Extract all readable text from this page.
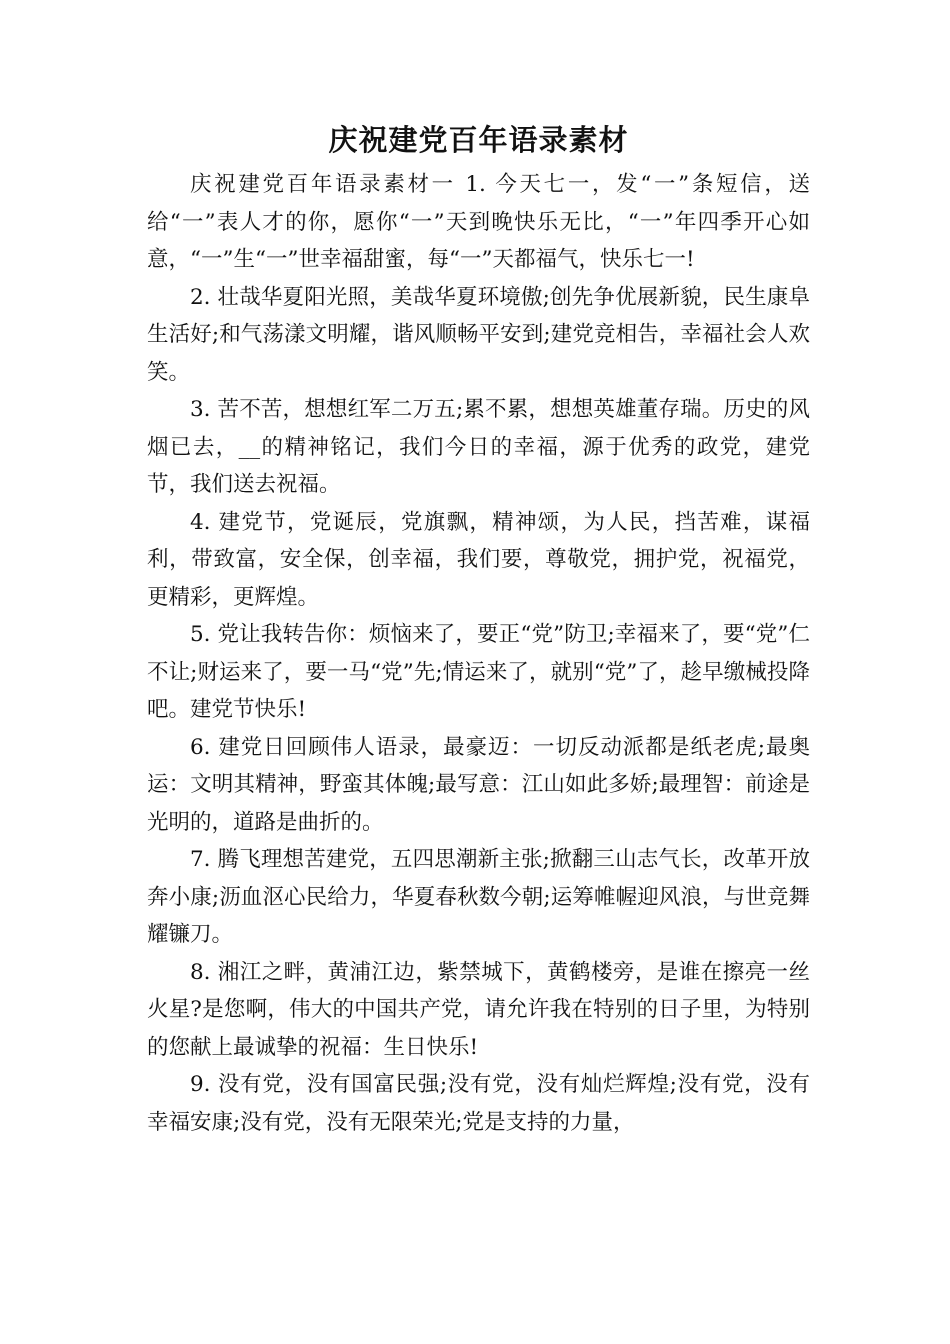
庆祝建党百年语录素材

庆祝建党百年语录素材一 1. 今天七一，发“一”条短信，送给“一”表人才的你，愿你“一”天到晚快乐无比，“一”年四季开心如意，“一”生“一”世幸福甜蜜，每“一”天都福气，快乐七一!

2. 壮哉华夏阳光照，美哉华夏环境傲;创先争优展新貌，民生康阜生活好;和气荡漾文明耀，谐风顺畅平安到;建党竞相告，幸福社会人欢笑。

3. 苦不苦，想想红军二万五;累不累，想想英雄董存瑞。历史的风烟已去，__的精神铭记，我们今日的幸福，源于优秀的政党，建党节，我们送去祝福。

4. 建党节，党诞辰，党旗飘，精神颂，为人民，挡苦难，谋福利，带致富，安全保，创幸福，我们要，尊敬党，拥护党，祝福党，更精彩，更辉煌。

5. 党让我转告你：烦恼来了，要正“党”防卫;幸福来了，要“党”仁不让;财运来了，要一马“党”先;情运来了，就别“党”了，趁早缴械投降吧。建党节快乐!

6. 建党日回顾伟人语录，最豪迈：一切反动派都是纸老虎;最奥运：文明其精神，野蛮其体魄;最写意：江山如此多娇;最理智：前途是光明的，道路是曲折的。

7. 腾飞理想苦建党，五四思潮新主张;掀翻三山志气长，改革开放奔小康;沥血沤心民给力，华夏春秋数今朝;运筹帷幄迎风浪，与世竞舞耀镰刀。

8. 湘江之畔，黄浦江边，紫禁城下，黄鹤楼旁，是谁在擦亮一丝火星?是您啊，伟大的中国共产党，请允许我在特别的日子里，为特别的您献上最诚挚的祝福：生日快乐!

9. 没有党，没有国富民强;没有党，没有灿烂辉煌;没有党，没有幸福安康;没有党，没有无限荣光;党是支持的力量，
